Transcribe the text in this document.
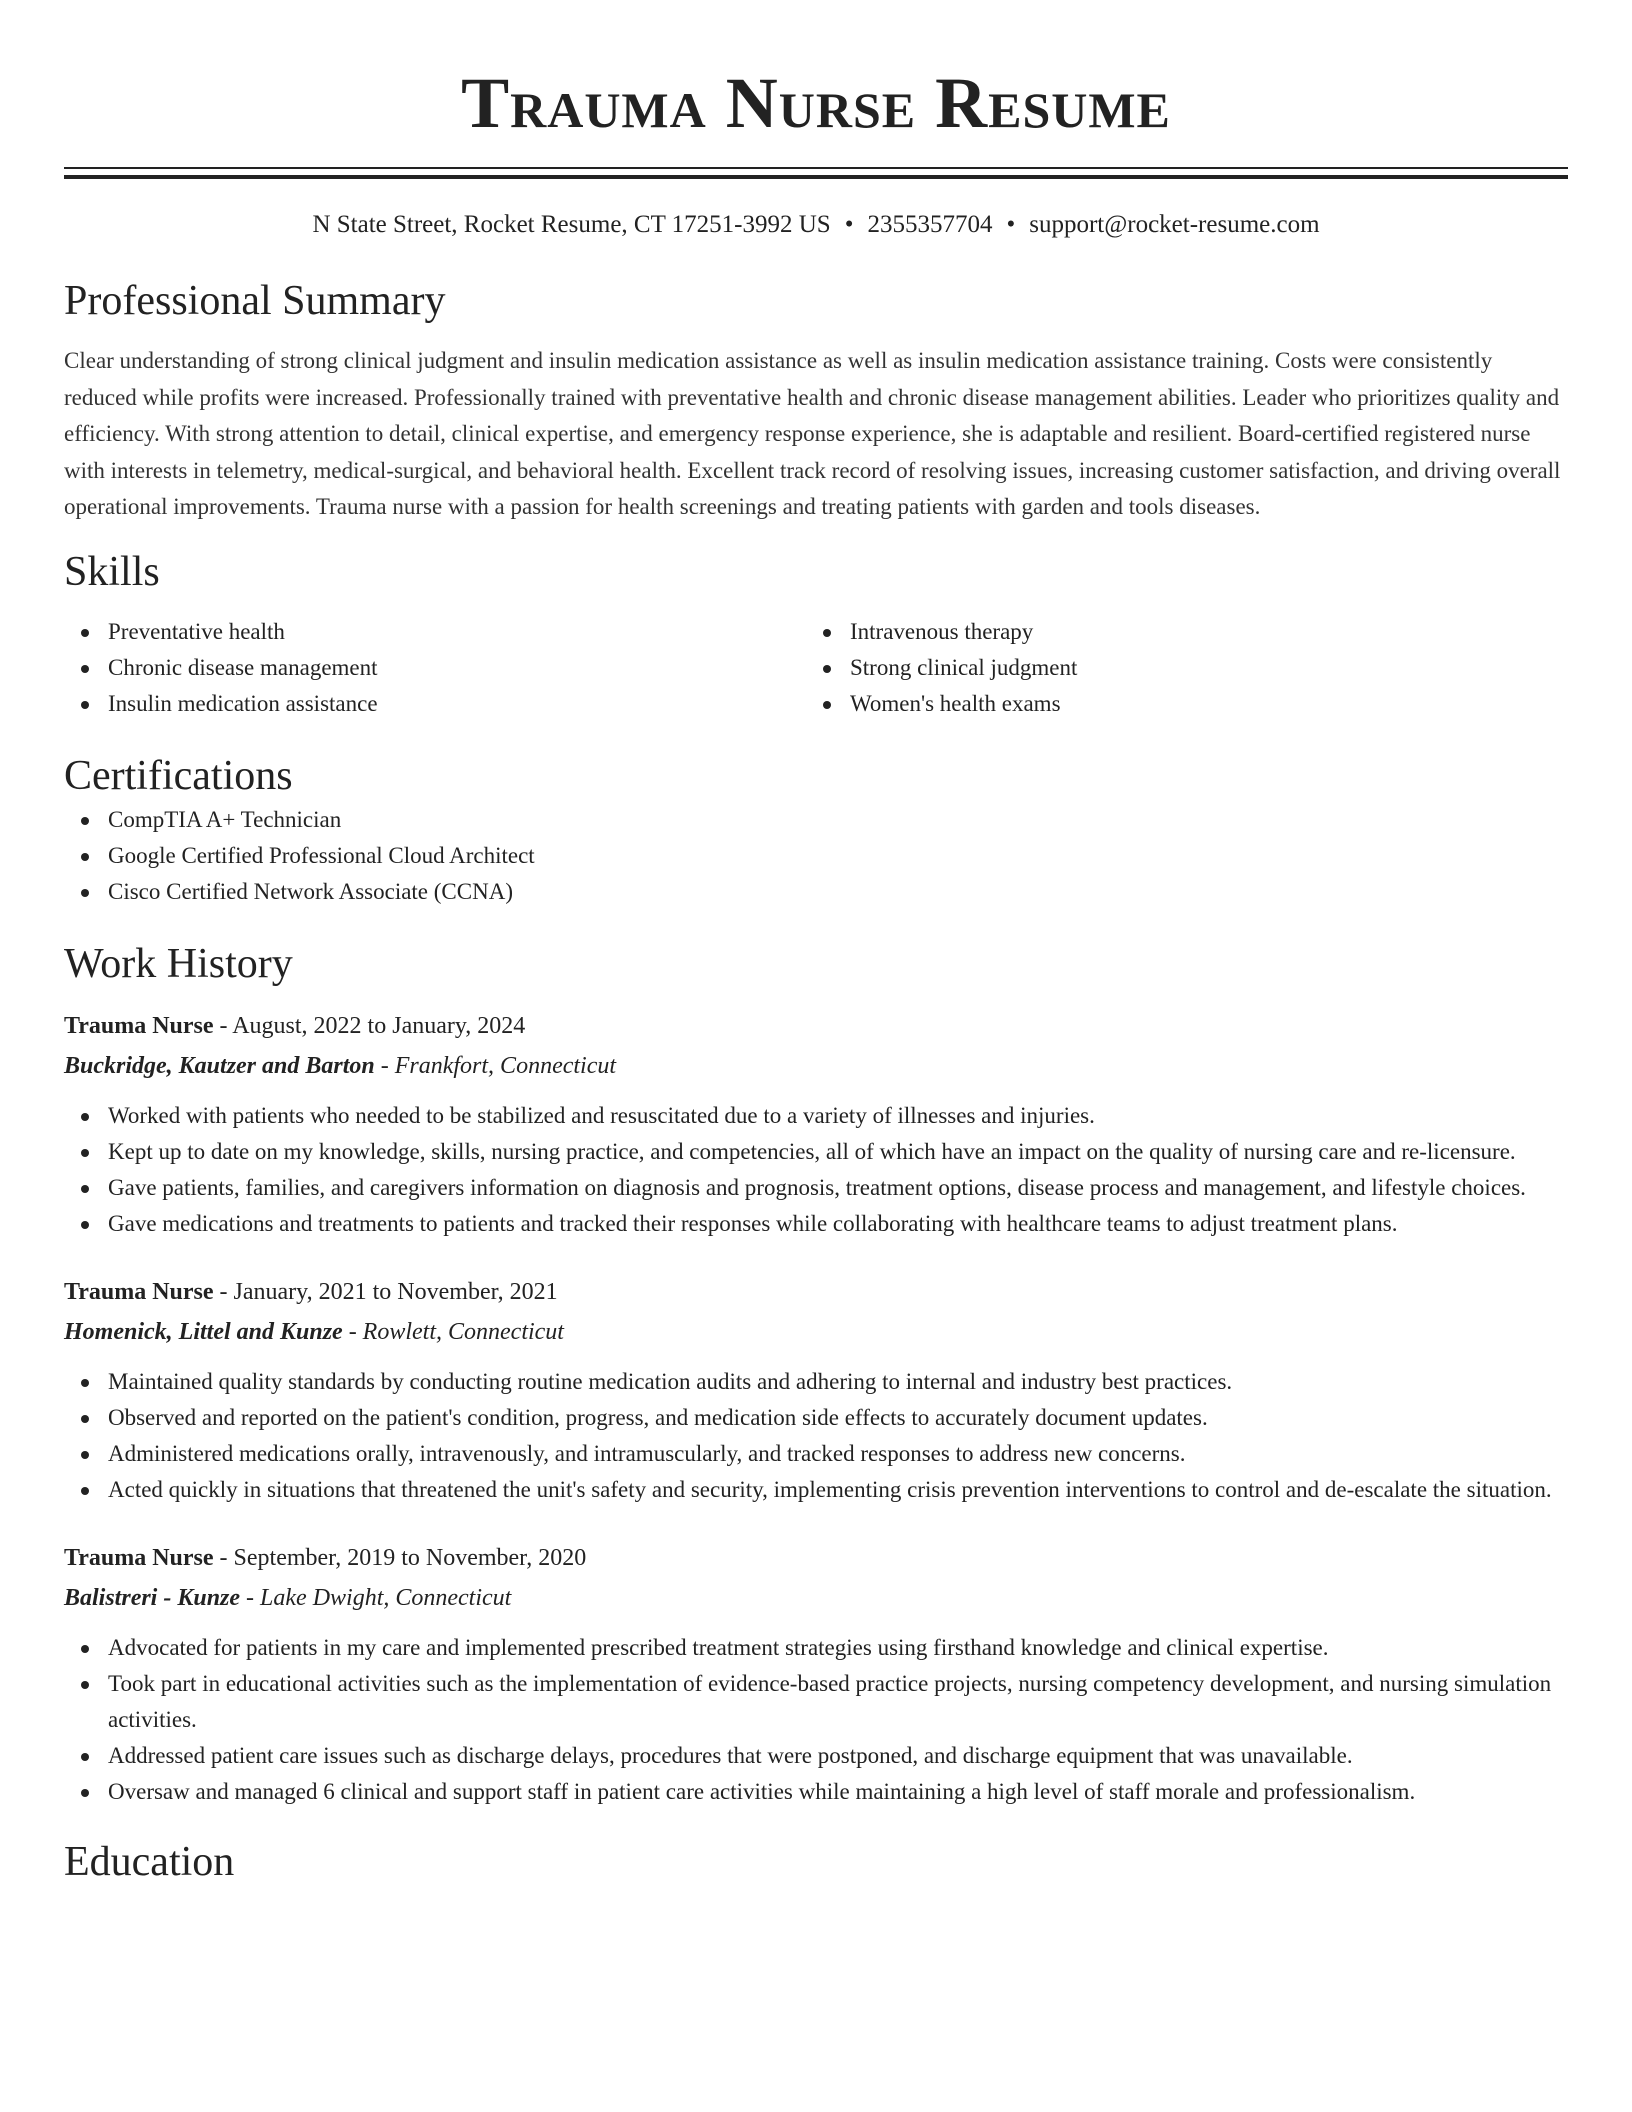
Trauma Nurse Resume
N State Street, Rocket Resume, CT 17251-3992 US • 2355357704 • support@rocket-resume.com
Professional Summary
Clear understanding of strong clinical judgment and insulin medication assistance as well as insulin medication assistance training. Costs were consistently reduced while profits were increased. Professionally trained with preventative health and chronic disease management abilities. Leader who prioritizes quality and efficiency. With strong attention to detail, clinical expertise, and emergency response experience, she is adaptable and resilient. Board-certified registered nurse with interests in telemetry, medical-surgical, and behavioral health. Excellent track record of resolving issues, increasing customer satisfaction, and driving overall operational improvements. Trauma nurse with a passion for health screenings and treating patients with garden and tools diseases.
Skills
Preventative health
Chronic disease management
Insulin medication assistance
Intravenous therapy
Strong clinical judgment
Women's health exams
Certifications
CompTIA A+ Technician
Google Certified Professional Cloud Architect
Cisco Certified Network Associate (CCNA)
Work History
Trauma Nurse - August, 2022 to January, 2024
Buckridge, Kautzer and Barton - Frankfort, Connecticut
Worked with patients who needed to be stabilized and resuscitated due to a variety of illnesses and injuries.
Kept up to date on my knowledge, skills, nursing practice, and competencies, all of which have an impact on the quality of nursing care and re-licensure.
Gave patients, families, and caregivers information on diagnosis and prognosis, treatment options, disease process and management, and lifestyle choices.
Gave medications and treatments to patients and tracked their responses while collaborating with healthcare teams to adjust treatment plans.
Trauma Nurse - January, 2021 to November, 2021
Homenick, Littel and Kunze - Rowlett, Connecticut
Maintained quality standards by conducting routine medication audits and adhering to internal and industry best practices.
Observed and reported on the patient's condition, progress, and medication side effects to accurately document updates.
Administered medications orally, intravenously, and intramuscularly, and tracked responses to address new concerns.
Acted quickly in situations that threatened the unit's safety and security, implementing crisis prevention interventions to control and de-escalate the situation.
Trauma Nurse - September, 2019 to November, 2020
Balistreri - Kunze - Lake Dwight, Connecticut
Advocated for patients in my care and implemented prescribed treatment strategies using firsthand knowledge and clinical expertise.
Took part in educational activities such as the implementation of evidence-based practice projects, nursing competency development, and nursing simulation activities.
Addressed patient care issues such as discharge delays, procedures that were postponed, and discharge equipment that was unavailable.
Oversaw and managed 6 clinical and support staff in patient care activities while maintaining a high level of staff morale and professionalism.
Education
